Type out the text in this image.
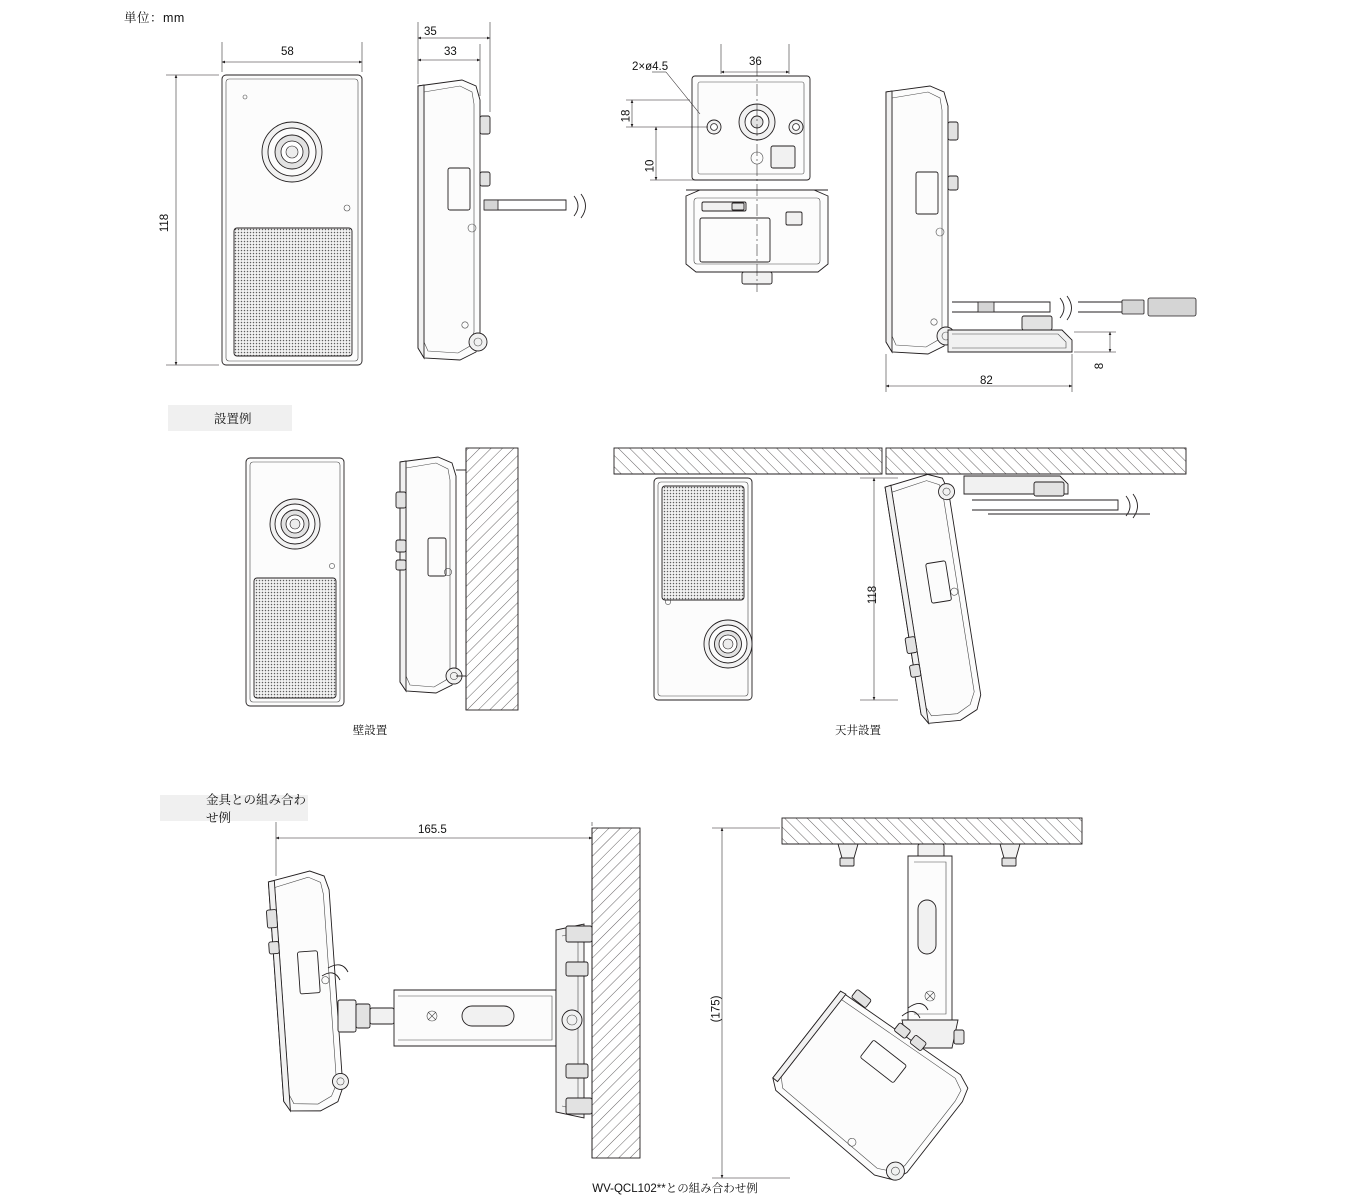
単位：mm
設置例
金具との組み合わせ例
壁設置	天井設置
WV-QCL102**との組み合わせ例
58
118
35
33
36
2×ø4.5
18
10
82
8
118
165.5
(175)
